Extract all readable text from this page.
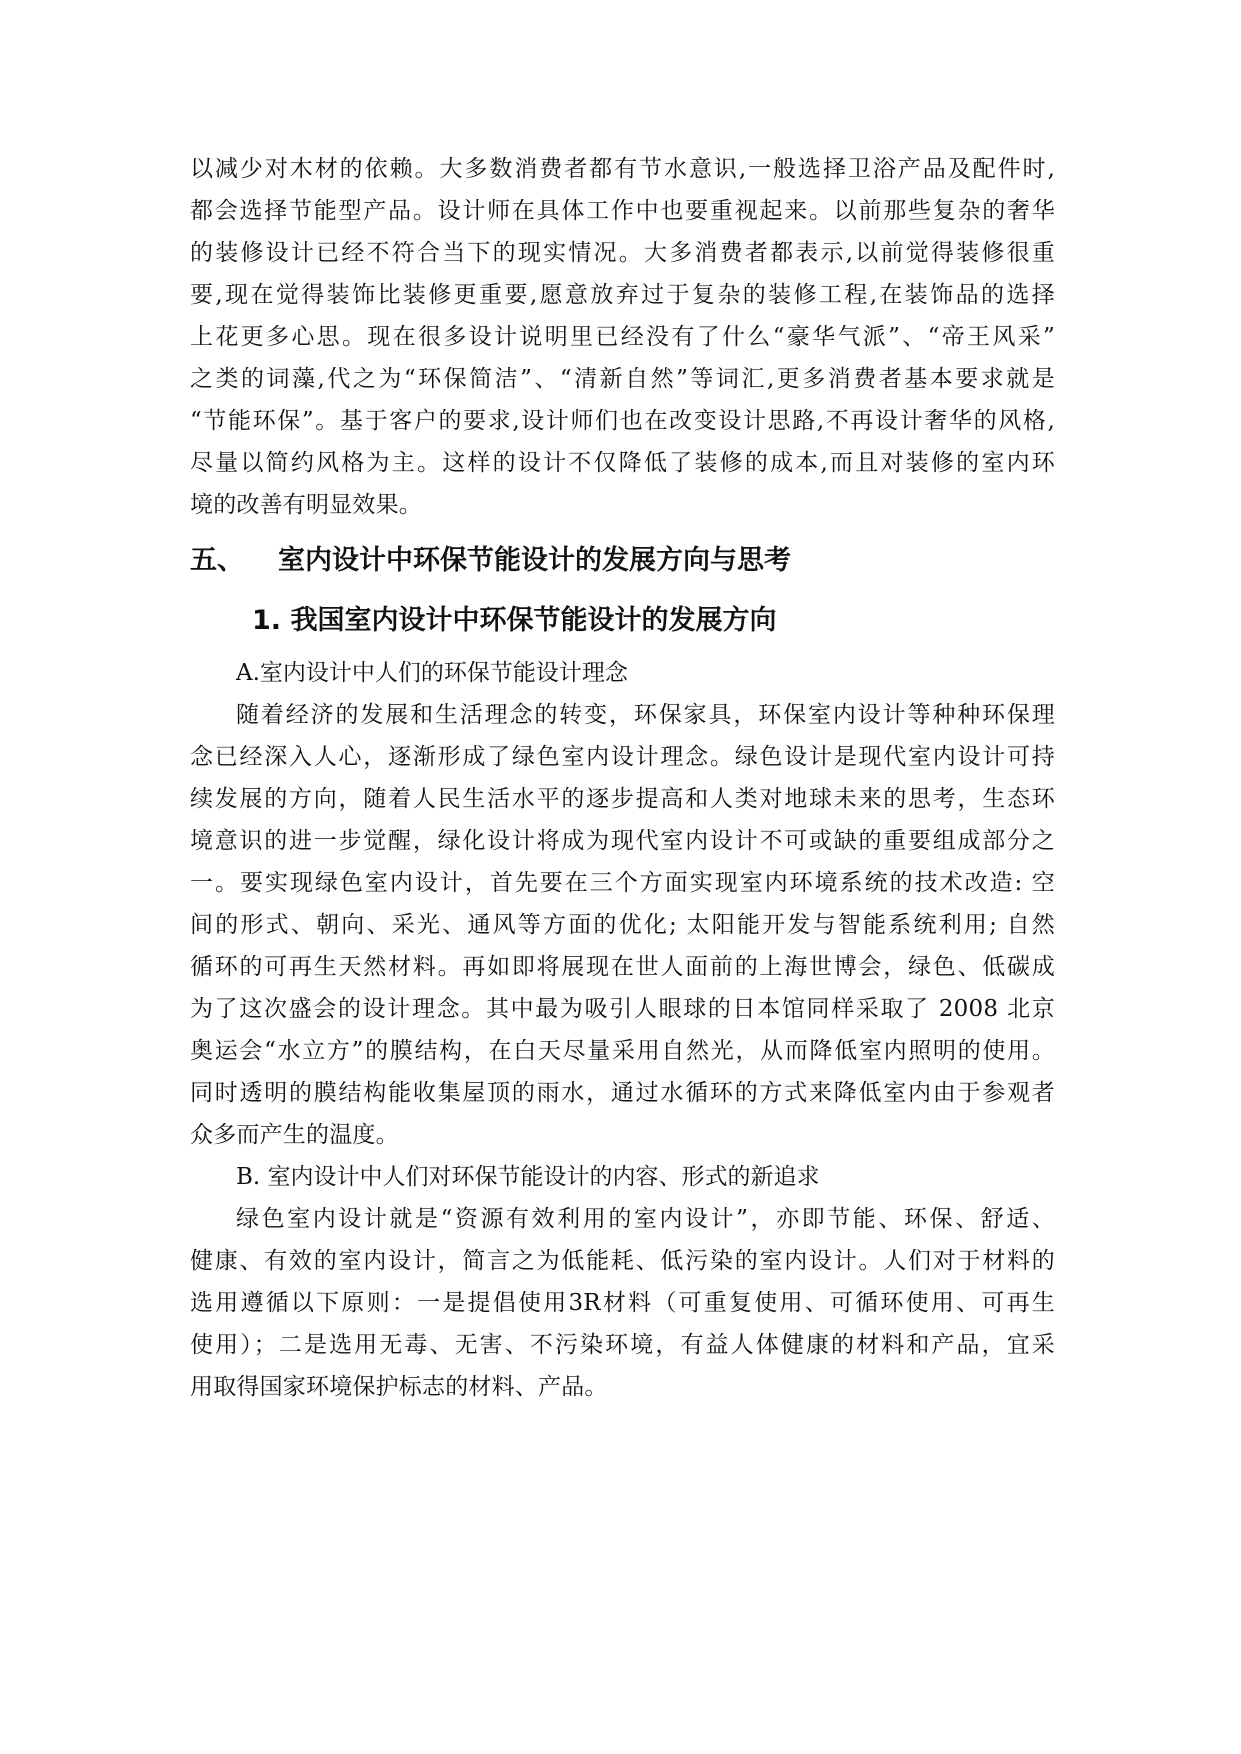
以减少对木材的依赖。大多数消费者都有节水意识,一般选择卫浴产品及配件时,
都会选择节能型产品。设计师在具体工作中也要重视起来。以前那些复杂的奢华
的装修设计已经不符合当下的现实情况。大多消费者都表示,以前觉得装修很重
要,现在觉得装饰比装修更重要,愿意放弃过于复杂的装修工程,在装饰品的选择
上花更多心思。现在很多设计说明里已经没有了什么“豪华气派”、“帝王风采”
之类的词藻,代之为“环保简洁”、“清新自然”等词汇,更多消费者基本要求就是
“节能环保”。基于客户的要求,设计师们也在改变设计思路,不再设计奢华的风格,
尽量以简约风格为主。这样的设计不仅降低了装修的成本,而且对装修的室内环
境的改善有明显效果。
五、 室内设计中环保节能设计的发展方向与思考
1. 我国室内设计中环保节能设计的发展方向
A.室内设计中人们的环保节能设计理念
随着经济的发展和生活理念的转变，环保家具，环保室内设计等种种环保理
念已经深入人心，逐渐形成了绿色室内设计理念。绿色设计是现代室内设计可持
续发展的方向，随着人民生活水平的逐步提高和人类对地球未来的思考，生态环
境意识的进一步觉醒，绿化设计将成为现代室内设计不可或缺的重要组成部分之
一。要实现绿色室内设计，首先要在三个方面实现室内环境系统的技术改造: 空
间的形式、朝向、采光、通风等方面的优化; 太阳能开发与智能系统利用; 自然
循环的可再生天然材料。再如即将展现在世人面前的上海世博会，绿色、低碳成
为了这次盛会的设计理念。其中最为吸引人眼球的日本馆同样采取了 2008 北京
奥运会“水立方”的膜结构，在白天尽量采用自然光，从而降低室内照明的使用。
同时透明的膜结构能收集屋顶的雨水，通过水循环的方式来降低室内由于参观者
众多而产生的温度。
B. 室内设计中人们对环保节能设计的内容、形式的新追求
绿色室内设计就是“资源有效利用的室内设计”，亦即节能、环保、舒适、
健康、有效的室内设计，简言之为低能耗、低污染的室内设计。人们对于材料的
选用遵循以下原则：一是提倡使用3R材料（可重复使用、可循环使用、可再生
使用）；二是选用无毒、无害、不污染环境，有益人体健康的材料和产品，宜采
用取得国家环境保护标志的材料、产品。
